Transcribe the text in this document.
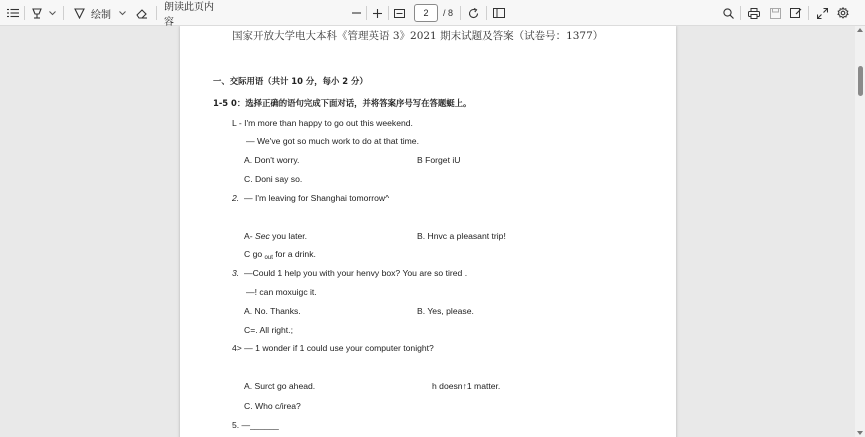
绘制
朗读此页内容
2	/ 8
国家开放大学电大本科《管理英语 3》2021 期末试题及答案（试卷号：1377）
一、交际用语（共计 10 分，每小 2 分）
1-5 0：选择正确的语句完成下面对话，并将答案序号写在答题蜓上。
L - I'm more than happy to go out this weekend.
— We've got so much work to do at that time.
A. Don't worry.	B Forget iU
C. Doni say so.
2. — I'm leaving for Shanghai tomorrow^
A- Sec you later.	B. Hnvc a pleasant trip!
C go $_{out}$ for a drink.
3. —Could 1 help you with your henvy box? You are so tired .
—! can moxuigc it.
A. No. Thanks.	B. Yes, please.
C=. All right.;
4> — 1 wonder if 1 could use your computer tonight?
A. Surct go ahead.	h doesn↑1 matter.
C. Who c/irea?
5. —______
